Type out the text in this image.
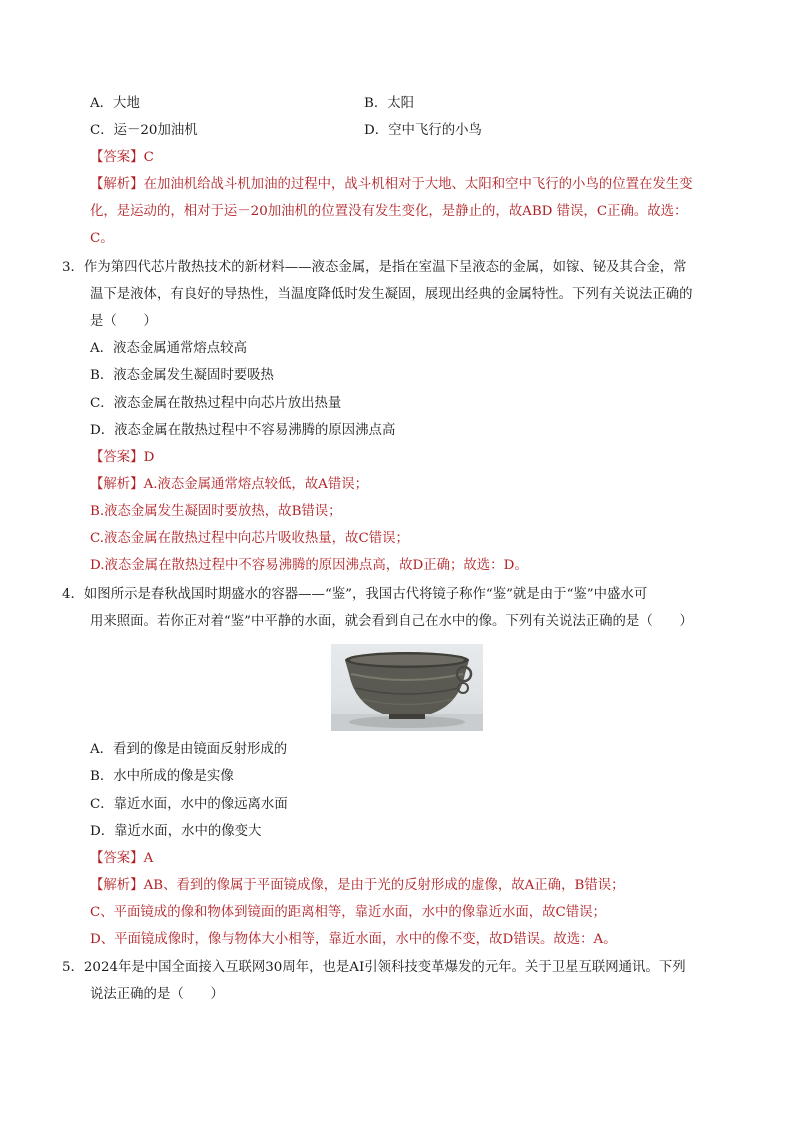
A．大地	B．太阳
C．运－20加油机	D．空中飞行的小鸟
【答案】C
【解析】在加油机给战斗机加油的过程中，战斗机相对于大地、太阳和空中飞行的小鸟的位置在发生变
化，是运动的，相对于运－20加油机的位置没有发生变化，是静止的，故ABD 错误，C正确。故选：
C。
3．作为第四代芯片散热技术的新材料——液态金属，是指在室温下呈液态的金属，如镓、铋及其合金，常
温下是液体，有良好的导热性，当温度降低时发生凝固，展现出经典的金属特性。下列有关说法正确的
是（　　）
A．液态金属通常熔点较高
B．液态金属发生凝固时要吸热
C．液态金属在散热过程中向芯片放出热量
D．液态金属在散热过程中不容易沸腾的原因沸点高
【答案】D
【解析】A.液态金属通常熔点较低，故A错误；
B.液态金属发生凝固时要放热，故B错误；
C.液态金属在散热过程中向芯片吸收热量，故C错误；
D.液态金属在散热过程中不容易沸腾的原因沸点高，故D正确；故选：D。
4．如图所示是春秋战国时期盛水的容器——“鉴”，我国古代将镜子称作“鉴”就是由于“鉴”中盛水可
用来照面。若你正对着“鉴”中平静的水面，就会看到自己在水中的像。下列有关说法正确的是（　　）
A．看到的像是由镜面反射形成的
B．水中所成的像是实像
C．靠近水面，水中的像远离水面
D．靠近水面，水中的像变大
【答案】A
【解析】AB、看到的像属于平面镜成像，是由于光的反射形成的虚像，故A正确，B错误；
C、平面镜成的像和物体到镜面的距离相等，靠近水面，水中的像靠近水面，故C错误；
D、平面镜成像时，像与物体大小相等，靠近水面，水中的像不变，故D错误。故选：A。
5．2024年是中国全面接入互联网30周年，也是AI引领科技变革爆发的元年。关于卫星互联网通讯。下列
说法正确的是（　　）
